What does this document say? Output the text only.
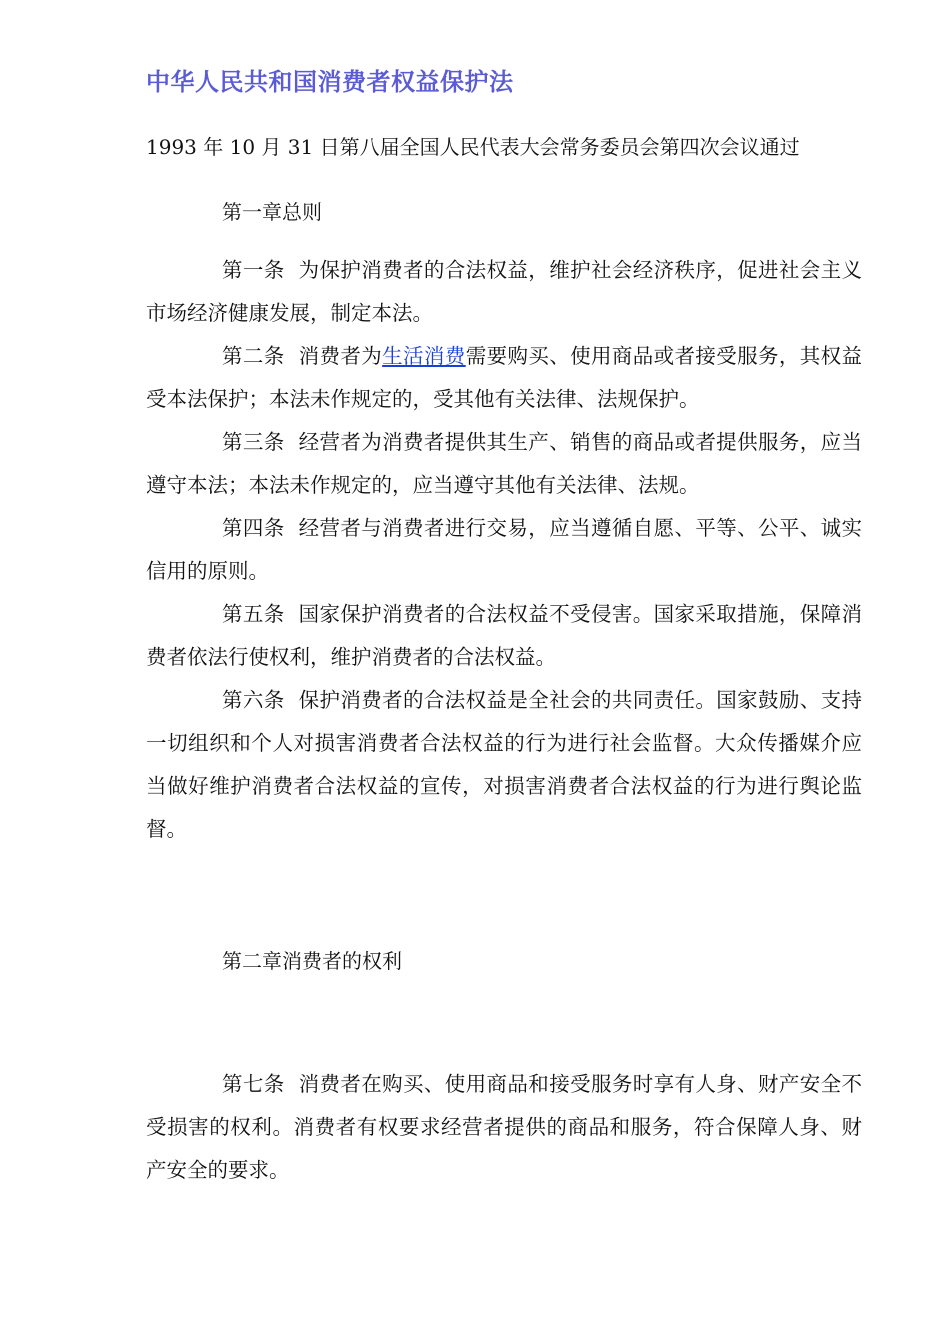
中华人民共和国消费者权益保护法
1993 年 10 月 31 日第八届全国人民代表大会常务委员会第四次会议通过
第一章总则
第一条 为保护消费者的合法权益，维护社会经济秩序，促进社会主义市场经济健康发展，制定本法。
第二条 消费者为生活消费需要购买、使用商品或者接受服务，其权益受本法保护；本法未作规定的，受其他有关法律、法规保护。
第三条 经营者为消费者提供其生产、销售的商品或者提供服务，应当遵守本法；本法未作规定的，应当遵守其他有关法律、法规。
第四条 经营者与消费者进行交易，应当遵循自愿、平等、公平、诚实信用的原则。
第五条 国家保护消费者的合法权益不受侵害。国家采取措施，保障消费者依法行使权利，维护消费者的合法权益。
第六条 保护消费者的合法权益是全社会的共同责任。国家鼓励、支持一切组织和个人对损害消费者合法权益的行为进行社会监督。大众传播媒介应当做好维护消费者合法权益的宣传，对损害消费者合法权益的行为进行舆论监督。
第二章消费者的权利
第七条 消费者在购买、使用商品和接受服务时享有人身、财产安全不受损害的权利。消费者有权要求经营者提供的商品和服务，符合保障人身、财产安全的要求。
